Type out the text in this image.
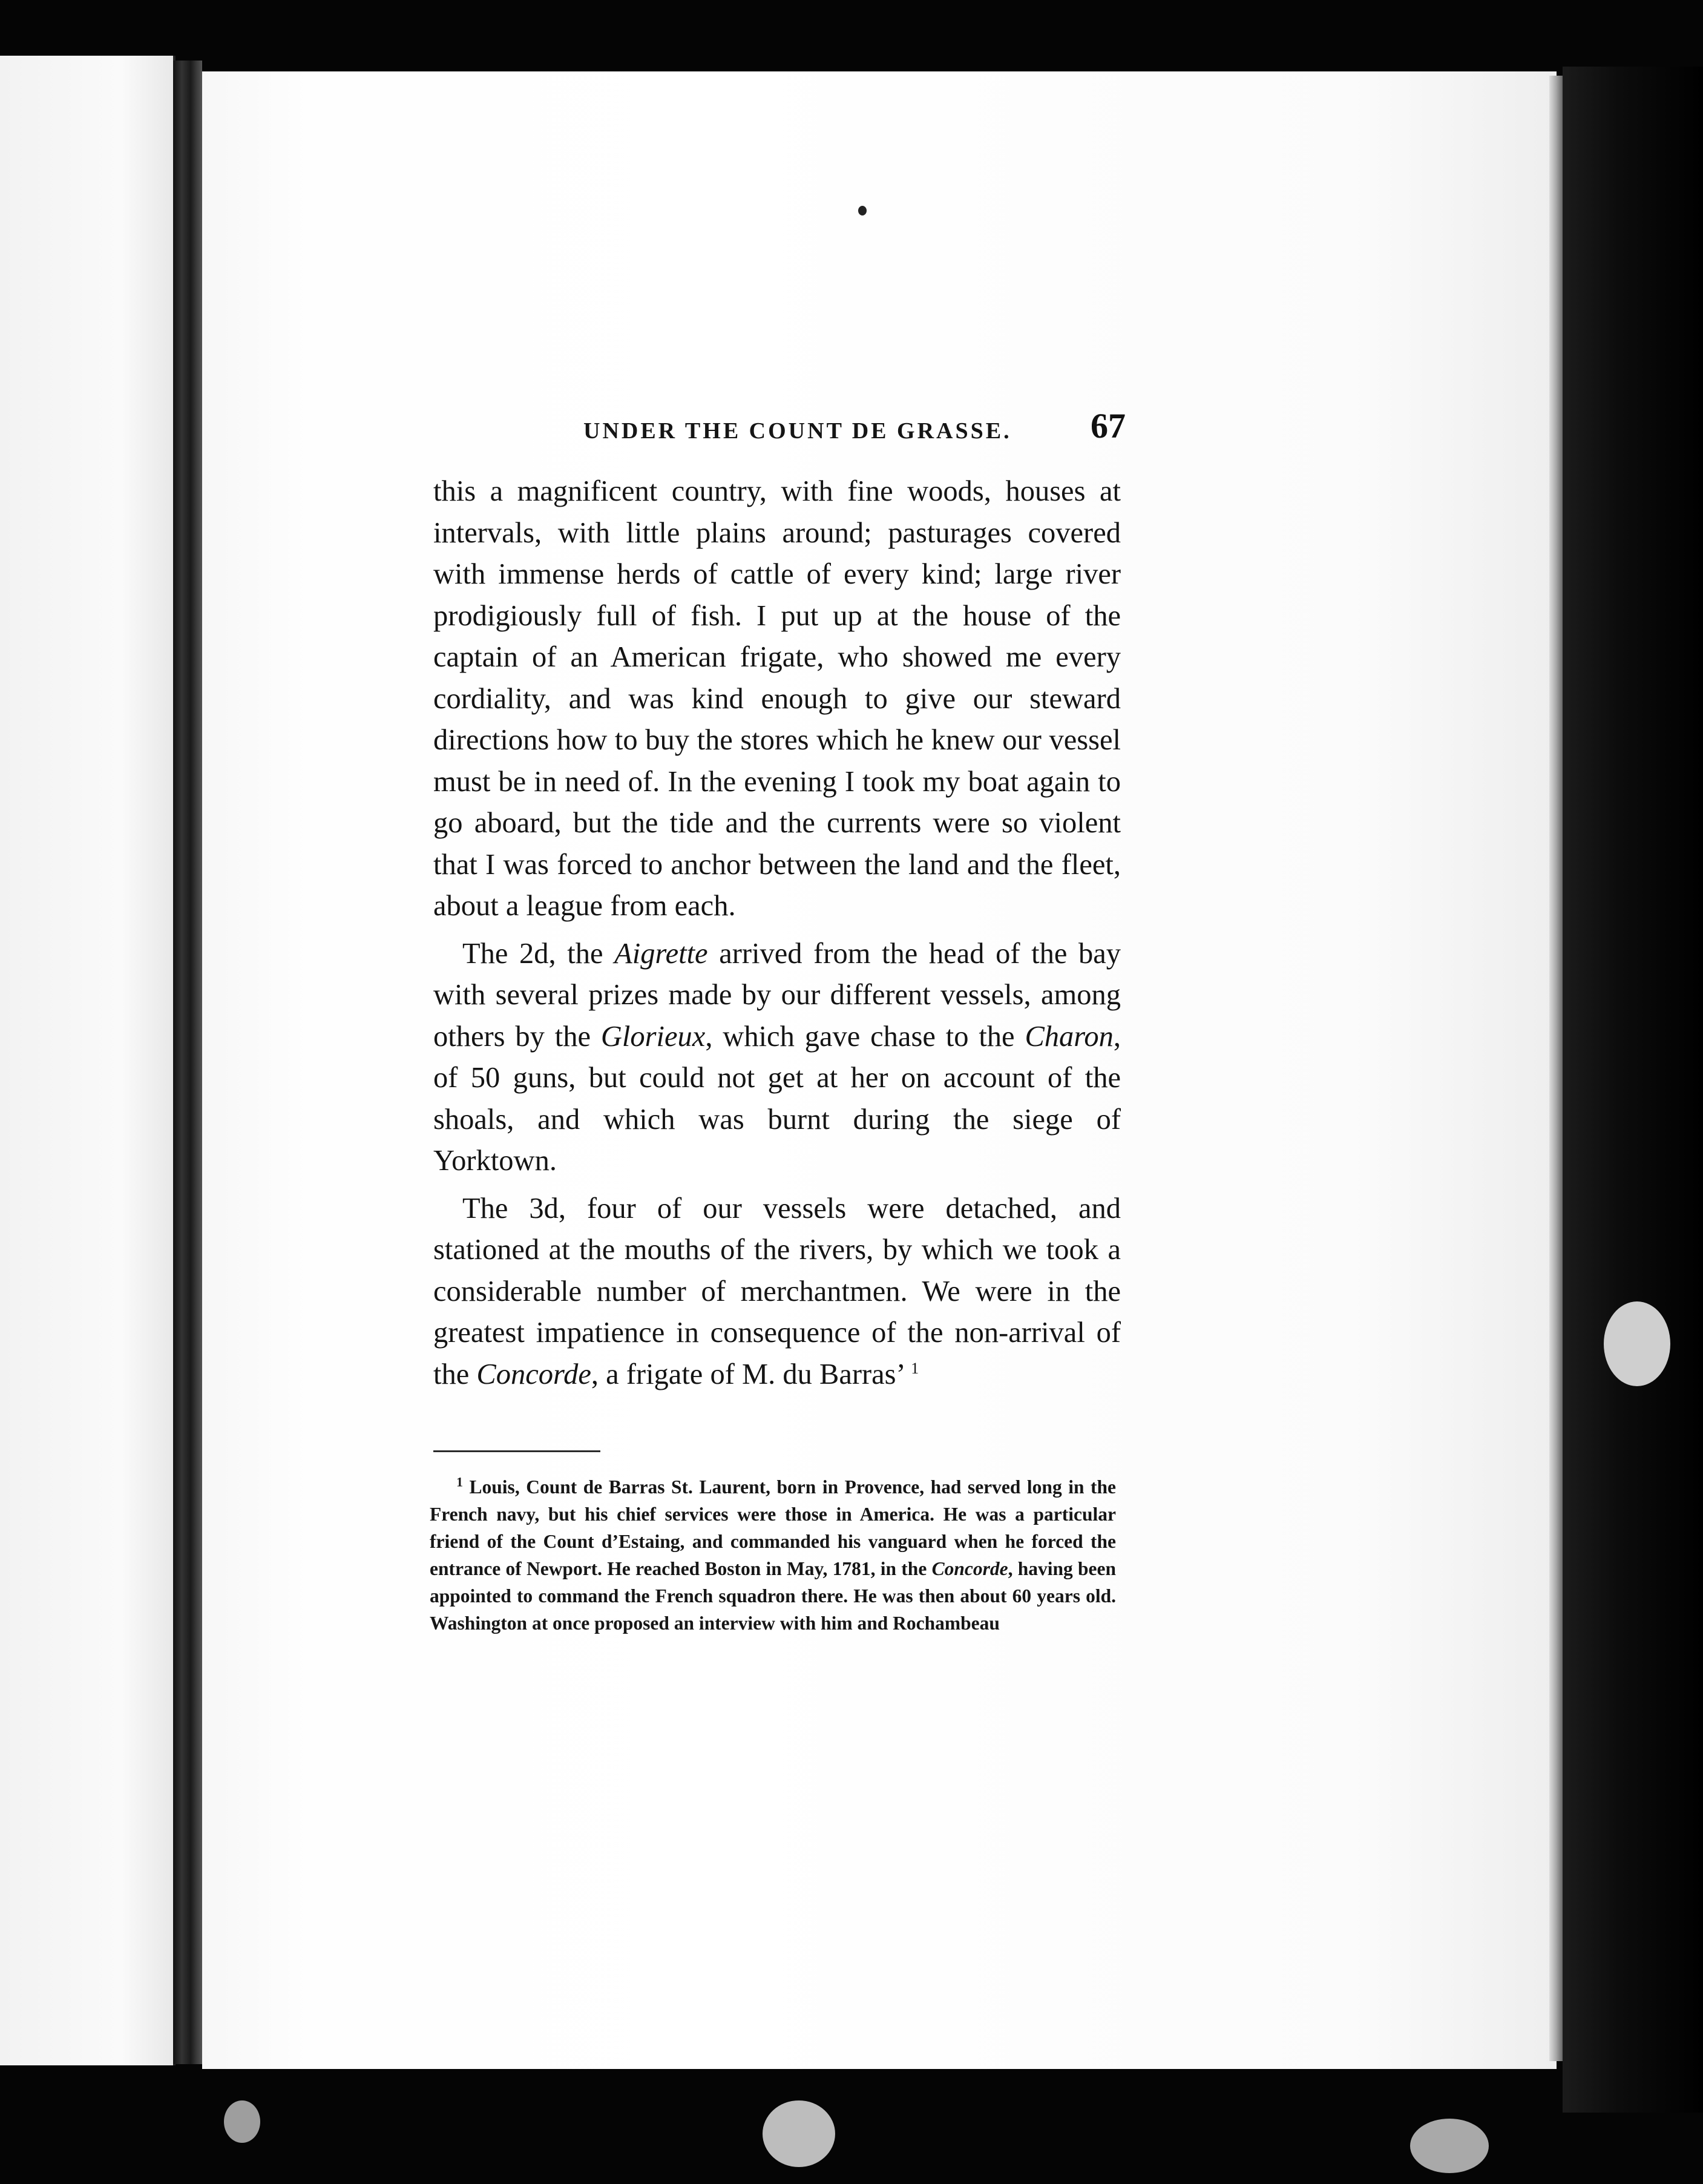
UNDER THE COUNT DE GRASSE. 67

this a magnificent country, with fine woods, houses at intervals, with little plains around; pasturages covered with immense herds of cattle of every kind; large river prodigiously full of fish. I put up at the house of the captain of an American frigate, who showed me every cordiality, and was kind enough to give our steward directions how to buy the stores which he knew our vessel must be in need of. In the evening I took my boat again to go aboard, but the tide and the currents were so violent that I was forced to anchor between the land and the fleet, about a league from each.

The 2d, the Aigrette arrived from the head of the bay with several prizes made by our different vessels, among others by the Glorieux, which gave chase to the Charon, of 50 guns, but could not get at her on account of the shoals, and which was burnt during the siege of Yorktown.

The 3d, four of our vessels were detached, and stationed at the mouths of the rivers, by which we took a considerable number of merchantmen. We were in the greatest impatience in consequence of the non-arrival of the Concorde, a frigate of M. du Barras’ $^1$

$^1$ Louis, Count de Barras St. Laurent, born in Provence, had served long in the French navy, but his chief services were those in America. He was a particular friend of the Count d’Estaing, and commanded his vanguard when he forced the entrance of Newport. He reached Boston in May, 1781, in the Concorde, having been appointed to command the French squadron there. He was then about 60 years old. Washington at once proposed an interview with him and Rochambeau
